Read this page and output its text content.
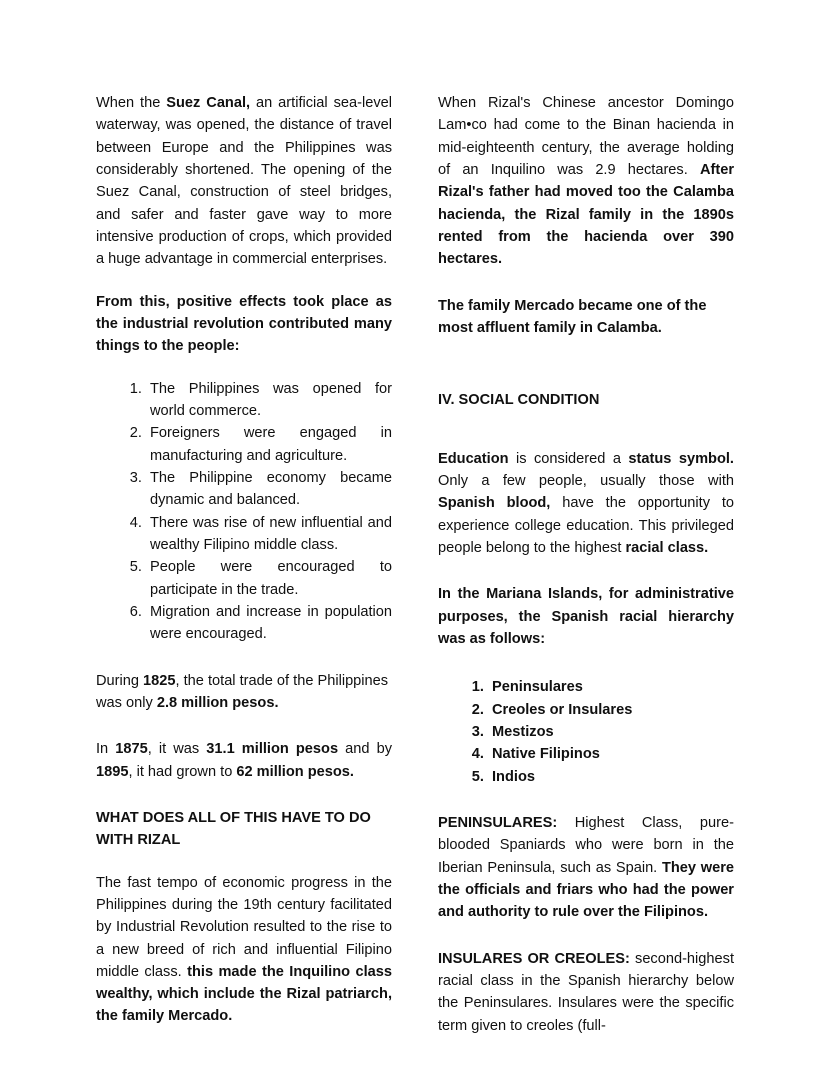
When the Suez Canal, an artificial sea-level waterway, was opened, the distance of travel between Europe and the Philippines was considerably shortened. The opening of the Suez Canal, construction of steel bridges, and safer and faster gave way to more intensive production of crops, which provided a huge advantage in commercial enterprises.

From this, positive effects took place as the industrial revolution contributed many things to the people:

1. The Philippines was opened for world commerce.
2. Foreigners were engaged in manufacturing and agriculture.
3. The Philippine economy became dynamic and balanced.
4. There was rise of new influential and wealthy Filipino middle class.
5. People were encouraged to participate in the trade.
6. Migration and increase in population were encouraged.

During 1825, the total trade of the Philippines was only 2.8 million pesos.

In 1875, it was 31.1 million pesos and by 1895, it had grown to 62 million pesos.

WHAT DOES ALL OF THIS HAVE TO DO WITH RIZAL

The fast tempo of economic progress in the Philippines during the 19th century facilitated by Industrial Revolution resulted to the rise to a new breed of rich and influential Filipino middle class. this made the Inquilino class wealthy, which include the Rizal patriarch, the family Mercado.

When Rizal's Chinese ancestor Domingo Lam•co had come to the Binan hacienda in mid-eighteenth century, the average holding of an Inquilino was 2.9 hectares. After Rizal's father had moved too the Calamba hacienda, the Rizal family in the 1890s rented from the hacienda over 390 hectares.

The family Mercado became one of the most affluent family in Calamba.

IV. SOCIAL CONDITION

Education is considered a status symbol. Only a few people, usually those with Spanish blood, have the opportunity to experience college education. This privileged people belong to the highest racial class.

In the Mariana Islands, for administrative purposes, the Spanish racial hierarchy was as follows:

1. Peninsulares
2. Creoles or Insulares
3. Mestizos
4. Native Filipinos
5. Indios

PENINSULARES: Highest Class, pure-blooded Spaniards who were born in the Iberian Peninsula, such as Spain. They were the officials and friars who had the power and authority to rule over the Filipinos.

INSULARES OR CREOLES: second-highest racial class in the Spanish hierarchy below the Peninsulares. Insulares were the specific term given to creoles (full-
